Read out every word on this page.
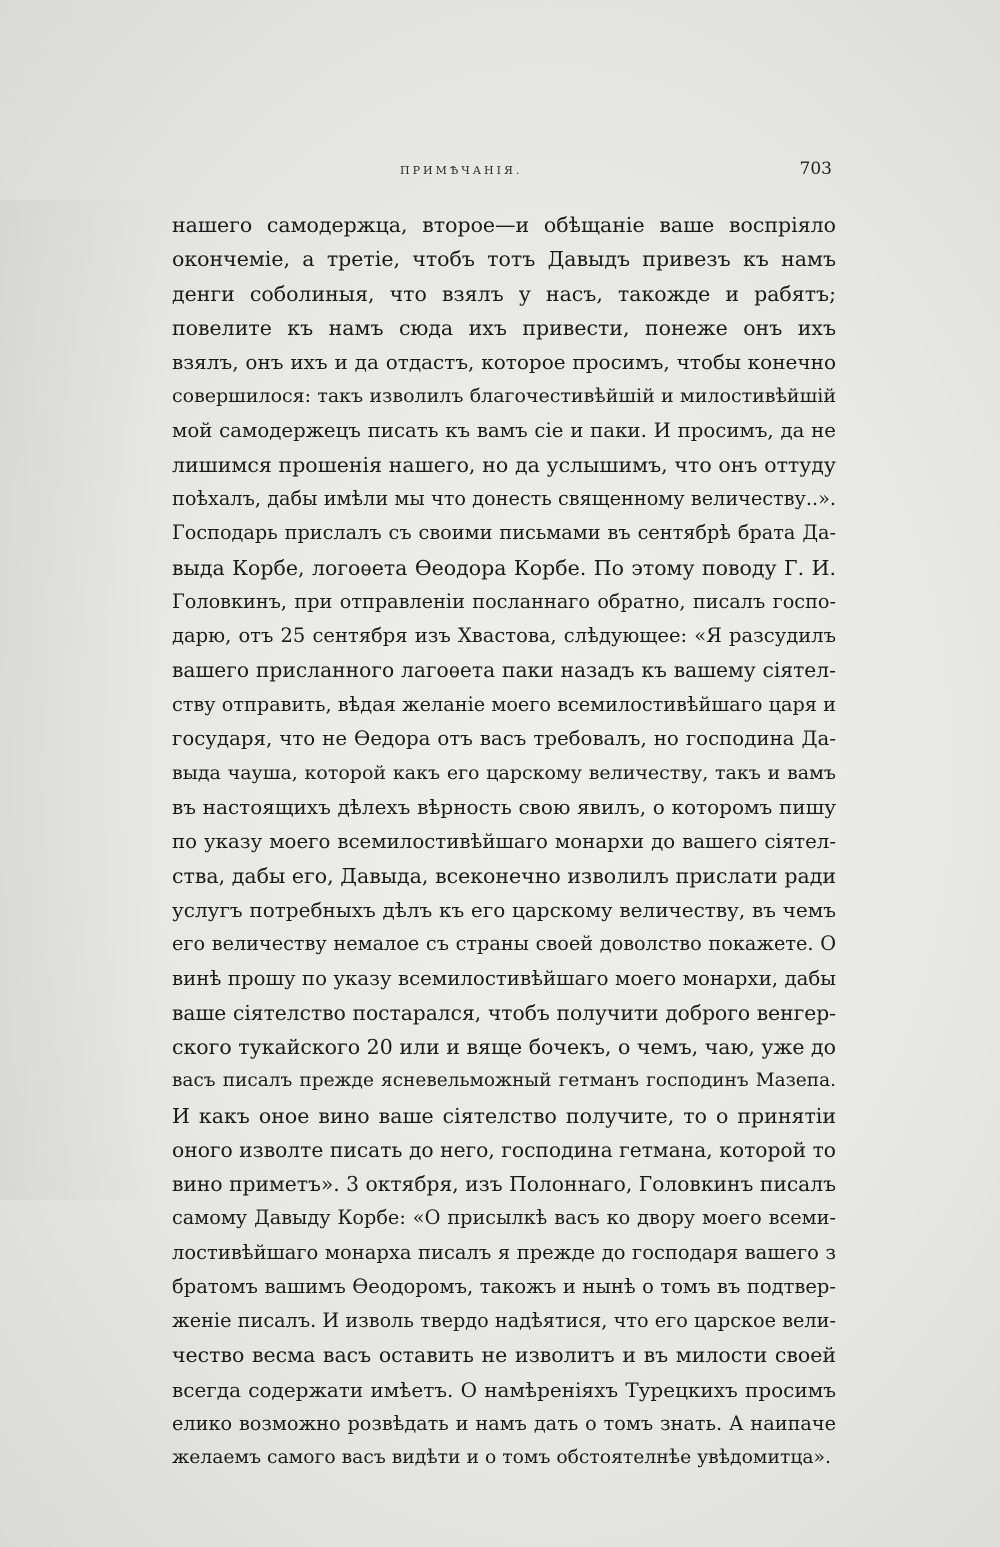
ПРИМѢЧАНІЯ.	703
нашего самодержца, второе—и обѣщаніе ваше воспріяло
окончеміе, а третіе, чтобъ тотъ Давыдъ привезъ къ намъ
денги соболиныя, что взялъ у насъ, такожде и рабятъ;
повелите къ намъ сюда ихъ привести, понеже онъ ихъ
взялъ, онъ ихъ и да отдастъ, которое просимъ, чтобы конечно
совершилося: такъ изволилъ благочестивѣйшій и милостивѣйшій
мой самодержецъ писать къ вамъ сіе и паки. И просимъ, да не
лишимся прошенія нашего, но да услышимъ, что онъ оттуду
поѣхалъ, дабы имѣли мы что донесть священному величеству..».
Господарь прислалъ съ своими письмами въ сентябрѣ брата Да-
выда Корбе, логоѳета Ѳеодора Корбе. По этому поводу Г. И.
Головкинъ, при отправленіи посланнаго обратно, писалъ госпо-
дарю, отъ 25 сентября изъ Хвастова, слѣдующее: «Я разсудилъ
вашего присланного лагоѳета паки назадъ къ вашему сіятел-
ству отправить, вѣдая желаніе моего всемилостивѣйшаго царя и
государя, что не Ѳедора отъ васъ требовалъ, но господина Да-
выда чауша, которой какъ его царскому величеству, такъ и вамъ
въ настоящихъ дѣлехъ вѣрность свою явилъ, о которомъ пишу
по указу моего всемилостивѣйшаго монархи до вашего сіятел-
ства, дабы его, Давыда, всеконечно изволилъ прислати ради
услугъ потребныхъ дѣлъ къ его царскому величеству, въ чемъ
его величеству немалое съ страны своей доволство покажете. О
винѣ прошу по указу всемилостивѣйшаго моего монархи, дабы
ваше сіятелство постарался, чтобъ получити доброго венгер-
ского тукайского 20 или и вяще бочекъ, о чемъ, чаю, уже до
васъ писалъ прежде ясневельможный гетманъ господинъ Мазепа.
И какъ оное вино ваше сіятелство получите, то о принятіи
оного изволте писать до него, господина гетмана, которой то
вино приметъ». 3 октября, изъ Полоннаго, Головкинъ писалъ
самому Давыду Корбе: «О присылкѣ васъ ко двору моего всеми-
лостивѣйшаго монарха писалъ я прежде до господаря вашего з
братомъ вашимъ Ѳеодоромъ, такожъ и нынѣ о томъ въ подтвер-
женіе писалъ. И изволь твердо надѣятися, что его царское вели-
чество весма васъ оставить не изволитъ и въ милости своей
всегда содержати имѣетъ. О намѣреніяхъ Турецкихъ просимъ
елико возможно розвѣдать и намъ дать о томъ знать. А наипаче
желаемъ самого васъ видѣти и о томъ обстоятелнѣе увѣдомитца».
